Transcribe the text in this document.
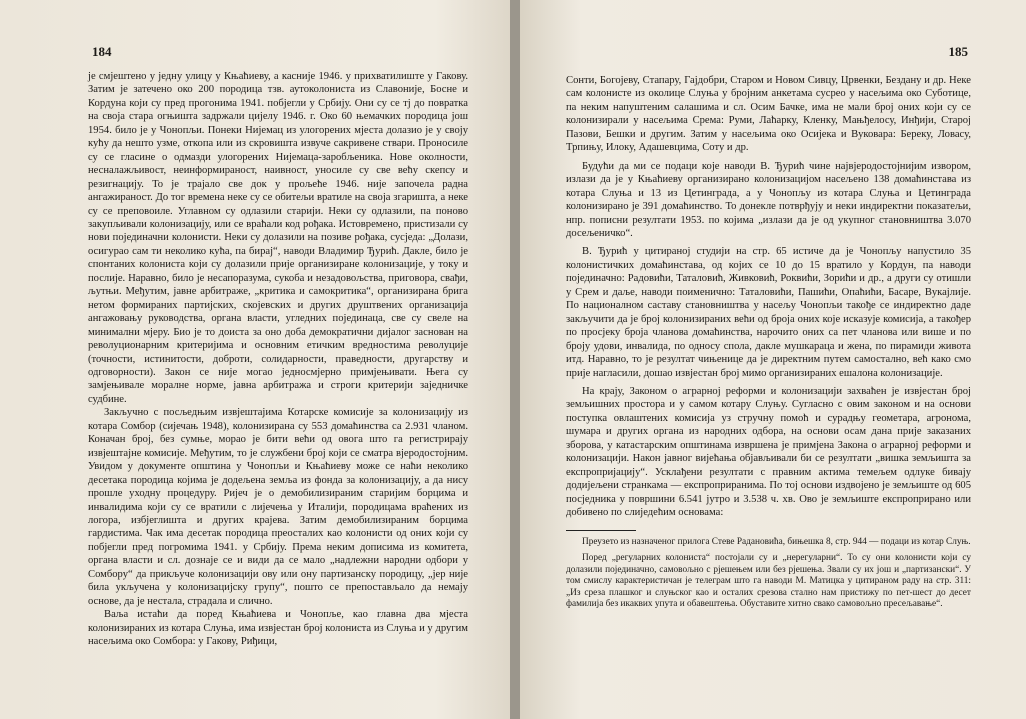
184

је смјештено у једну улицу у Књаћиеву, а касније 1946. у прихватилиште у Гакову. Затим је затечено око 200 породица тзв. аутоколониста из Славоније, Босне и Кордуна који су пред прогонима 1941. побјегли у Србију. Они су се тј до повратка на своја стара огњишта задржали цијелу 1946. г. Око 60 њемачких породица још 1954. било је у Чонопљи. Понеки Нијемац из улогорених мјеста долазио је у своју кућу да нешто узме, откопа или из скровишта извуче сакривене ствари. Проносиле су се гласине о одмазди улогорених Нијемаца-заробљеника. Нове околности, несналажљивост, неинформираност, наивност, уносиле су све већу скепсу и резигнацију. То је трајало све док у прољеће 1946. није започела радна ангажираност. До тог времена неке су се обитељи вратиле на своја згаришта, а неке су се преповоиле. Углавном су одлазили старији. Неки су одлазили, па поново закупљивали колонизацију, или се враћали код рођака. Истовремено, пристизали су нови појединачни колонисти. Неки су долазили на позиве рођака, сусједа: „Долази, осигурао сам ти неколико кућа, па бирај“, наводи Владимир Ђурић. Дакле, било је спонтаних колониста који су долазили прије организиране колонизације, у току и послије. Наравно, било је несапоразума, сукоба и незадовољства, приговора, свађи, љутњи. Међутим, јавне арбитраже, „критика и самокритика“, организирана бригa нетом формираних партијских, скојевских и других друштвених организација ангажовању руководства, органа власти, угледних појединаца, све су свеле на минимални мјеру. Био је то доиста за оно доба демократични дијалог заснован на револуционарним критеријима и основним етичким вредностима револуције (точности, истинитости, доброти, солидарности, праведности, другарству и одговорности). Закон се није могао једносмјерно примјењивати. Њега су замјењивале моралне норме, јавна арбитража и строги критерији заједничке судбине.

Закључно с посљедњим извјештајима Котарске комисије за колонизацију из котара Сомбор (сијечањ 1948), колонизирана су 553 домаћинства са 2.931 чланом. Коначан број, без сумње, морао је бити већи од овога што га регистрирају извјештајне комисије. Међутим, то је службени број који се сматра вјеродостојним. Увидом у документе општина у Чонопљи и Књаћиеву може се наћи неколико десетака породица којима је додељена земља из фонда за колонизацију, а да нису прошле уходну процедуру. Ријеч је о демобилизираним старијим борцима и инвалидима који су се вратили с лијечења у Италији, породицама враћених из логора, избјеглишта и других крајева. Затим демобилизираним борцима гардистима. Чак има десетак породица преосталих као колонисти од оних који су побјегли пред погромима 1941. у Србију. Према неким дописима из комитета, органа власти и сл. дознаје се и види да се мало „надлежни народни одбори у Сомбору“ да прикључе колонизацији ову или ону партизанску породицу, „јер није била укључена у колонизацијску групу“, пошто се препостављало да немају основе, да је нестала, страдала и слично.

Ваља истаћи да поред Књаћиева и Чонопље, као главна два мјеста колонизираних из котара Слуња, има извјестан број колониста из Слуња и у другим насељима око Сомбора: у Гакову, Риђици,

185

Сонти, Богојеву, Стапару, Гајдобри, Старом и Новом Сивцу, Црвенки, Бездану и др. Неке сам колонисте из околице Слуња у бројним анкетама сусрео у насељима око Суботице, па неким напуштеним салашима и сл. Осим Бачке, има не мали број оних који су се колонизирали у насељима Срема: Руми, Лаћарку, Кленку, Мањђелосу, Инђији, Старој Пазови, Бешки и другим. Затим у насељима око Осијека и Вуковара: Береку, Ловасу, Трпињу, Илоку, Адашевцима, Соту и др.

Будући да ми се подаци које наводи В. Ђурић чине највјеродостојнијим извором, излази да је у Књаћиеву организирано колонизацијом насељено 138 домаћинстава из котара Слуња и 13 из Цетинграда, а у Чонопљу из котара Слуња и Цетинграда колонизирано је 391 домаћинство. То донекле потврђују и неки индиректни показатељи, нпр. пописни резултати 1953. по којима „излази да је од укупног становништва 3.070 досељеничко“.

В. Ђурић у цитираној студији на стр. 65 истиче да је Чонопљу напустило 35 колонистичких домаћинстава, од којих се 10 до 15 вратило у Кордун, па наводи појединачно: Радовићи, Таталовић, Живковић, Роквићи, Зорићи и др., а други су отишли у Срем и даље, наводи поименично: Таталовићи, Пашићи, Опаћићи, Басаре, Вукајлије. По националном саставу становништва у насељу Чонопљи такође се индиректно даде закључити да је број колонизираних већи од броја оних које исказује комисија, а такођер по просјеку броја чланова домаћинства, нарочито оних са пет чланова или више и по броју удови, инвалида, по односу спола, дакле мушкараца и жена, по пирамиди живота итд. Наравно, то је резултат чињенице да је директним путем самостално, већ како смо прије нагласили, дошао извјестан број мимо организираних ешалона колонизације.

На крају, Законом о аграрној реформи и колонизацији захваћен је извјестан број земљишних простора и у самом котару Слуњу. Сугласно с овим законом и на основи поступка овлаштених комисија уз стручну помоћ и сурадњу геометара, агронома, шумара и других органа из народних одбора, на основи осам дана прије заказаних зборова, у катастарским општинама извршена је примјена Закона о аграрној реформи и колонизацији. Након јавног вијећања објављивали би се резултати „вишка земљишта за експропријацију“. Усклађени резултати с правним актима темељем одлуке бивају додијељени странкама — експроприранима. По тој основи издвојено је земљиште од 605 посједника у површини 6.541 јутро и 3.538 ч. хв. Ово је земљиште експроприрано или добивено по слиједећим основама:

Преузето из назначеног прилога Стеве Радановића, бињешка 8, стр. 944 — подаци из котар Слуњ.

Поред „регуларних колониста“ постојали су и „нерегуларни“. То су они колонисти који су долазили појединачно, самовољно с рјешењем или без рјешења. Звали су их још и „партизански“. У том смислу карактеристичан је телеграм што га наводи М. Матицка у цитираном раду на стр. 311: „Из среза плашког и слуњског као и осталих срезова стално нам пристижу по пет-шест до десет фамилија без икаквих упута и обавештења. Обуставите хитно свако самовољно пресељавање“.
